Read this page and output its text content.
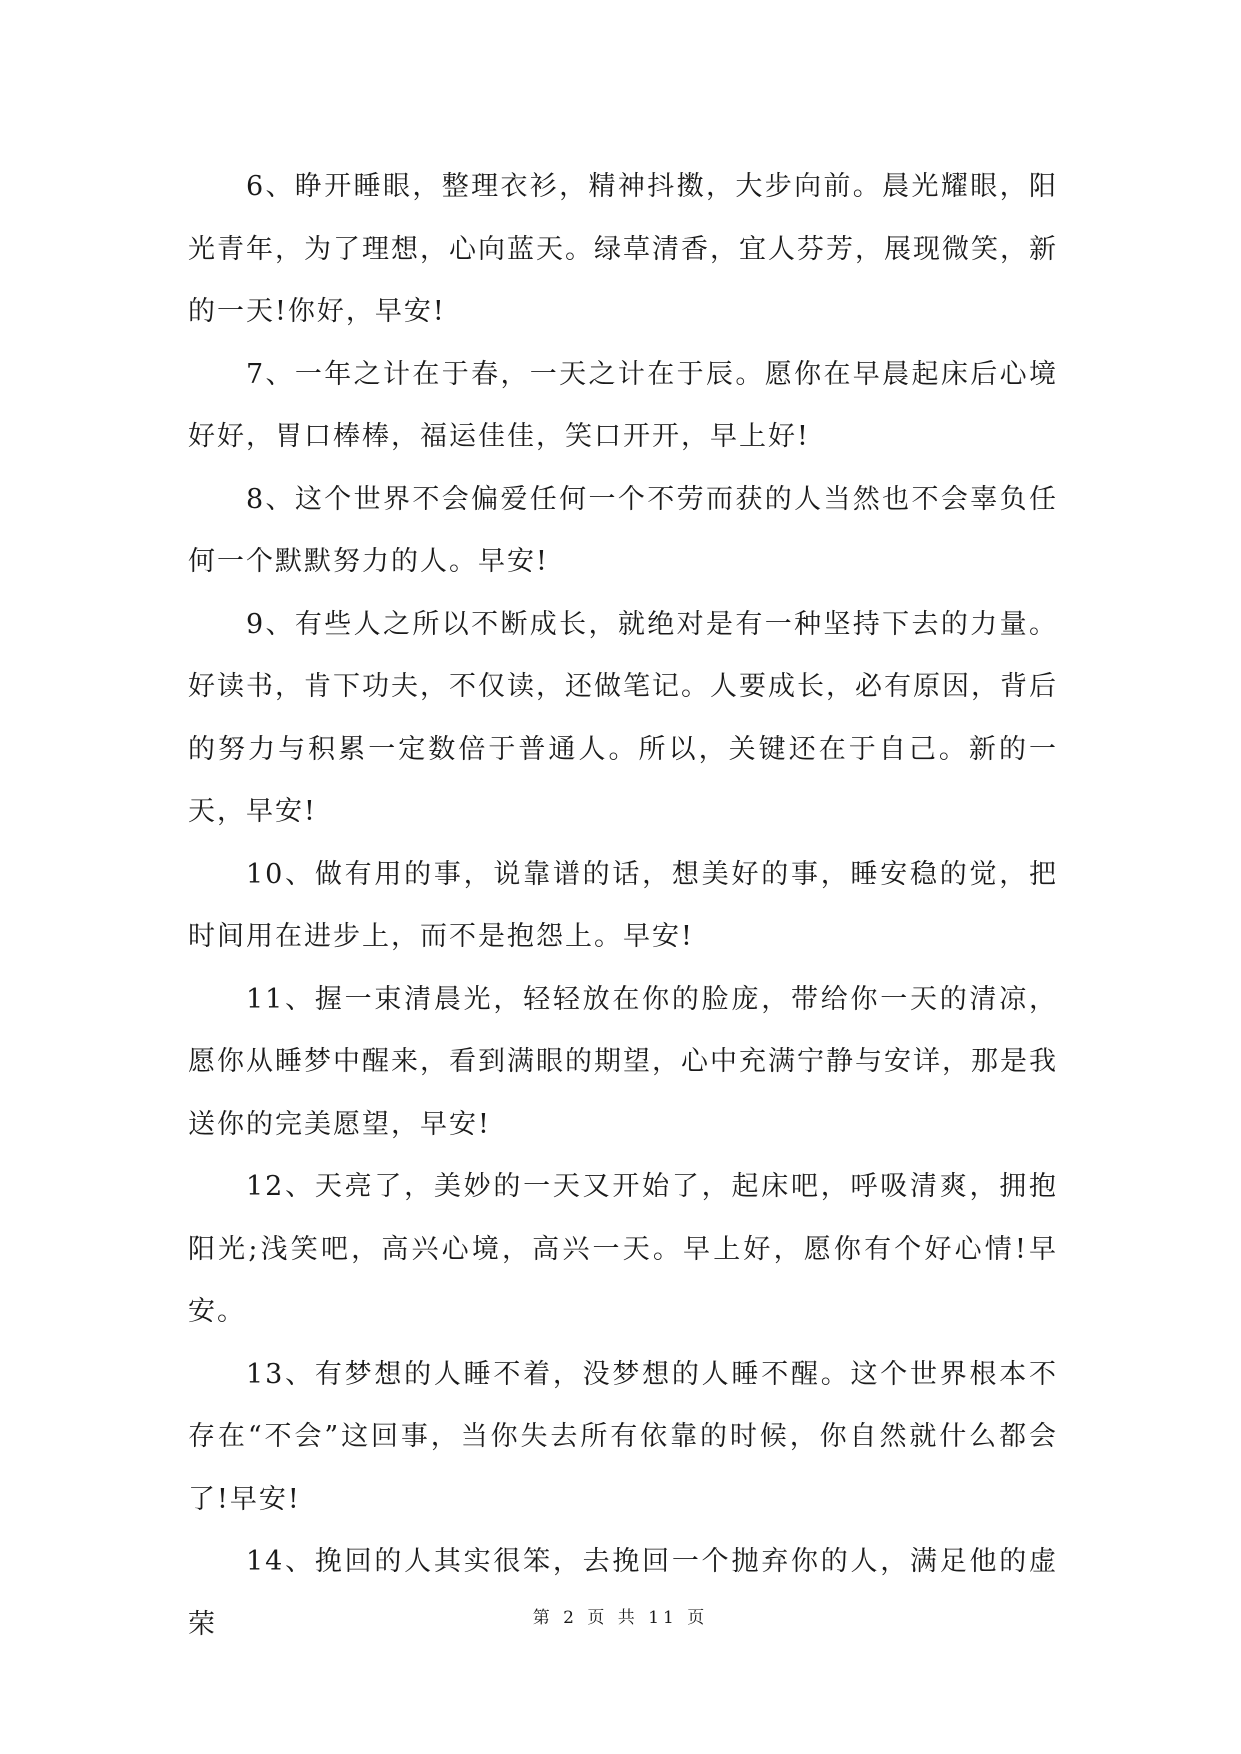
6、睁开睡眼，整理衣衫，精神抖擞，大步向前。晨光耀眼，阳光青年，为了理想，心向蓝天。绿草清香，宜人芬芳，展现微笑，新的一天!你好，早安!

7、一年之计在于春，一天之计在于辰。愿你在早晨起床后心境好好，胃口棒棒，福运佳佳，笑口开开，早上好!

8、这个世界不会偏爱任何一个不劳而获的人当然也不会辜负任何一个默默努力的人。早安!

9、有些人之所以不断成长，就绝对是有一种坚持下去的力量。好读书，肯下功夫，不仅读，还做笔记。人要成长，必有原因，背后的努力与积累一定数倍于普通人。所以，关键还在于自己。新的一天，早安!

10、做有用的事，说靠谱的话，想美好的事，睡安稳的觉，把时间用在进步上，而不是抱怨上。早安!

11、握一束清晨光，轻轻放在你的脸庞，带给你一天的清凉，愿你从睡梦中醒来，看到满眼的期望，心中充满宁静与安详，那是我送你的完美愿望，早安!

12、天亮了，美妙的一天又开始了，起床吧，呼吸清爽，拥抱阳光;浅笑吧，高兴心境，高兴一天。早上好，愿你有个好心情!早安。

13、有梦想的人睡不着，没梦想的人睡不醒。这个世界根本不存在“不会”这回事，当你失去所有依靠的时候，你自然就什么都会了!早安!

14、挽回的人其实很笨，去挽回一个抛弃你的人，满足他的虚荣	第 2 页 共 11 页
